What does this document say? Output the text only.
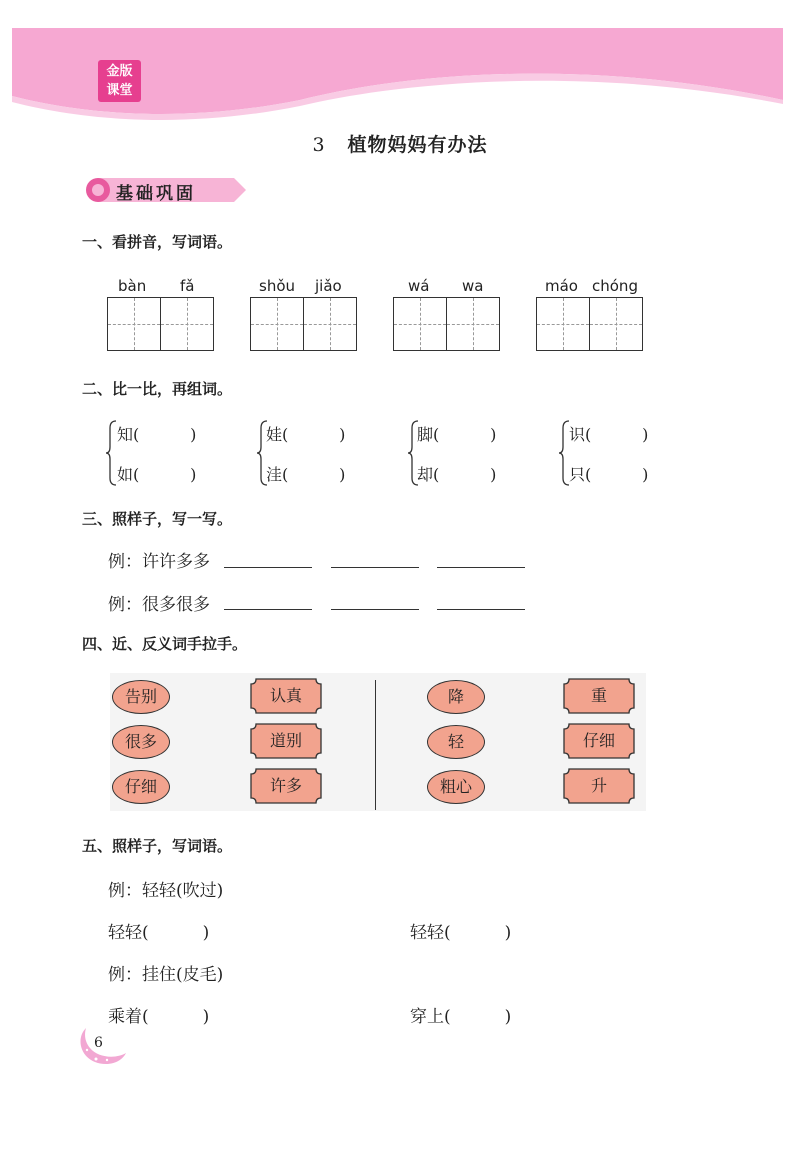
金版
课堂
3 植物妈妈有办法
基础巩固
一、看拼音，写词语。
bàn fǎ	shǒu jiǎo	wá wa	máo chóng
二、比一比，再组词。
知(          )
如(          )
娃(          )
洼(          )
脚(          )
却(          )
识(          )
只(          )
三、照样子，写一写。
例：许许多多
例：很多很多
四、近、反义词手拉手。
告别
很多
仔细
降
轻
粗心
认真
道别
许多
重
仔细
升
五、照样子，写词语。
例：轻轻(吹过)
轻轻(          )	轻轻(          )
例：挂住(皮毛)
乘着(          )	穿上(          )
6
